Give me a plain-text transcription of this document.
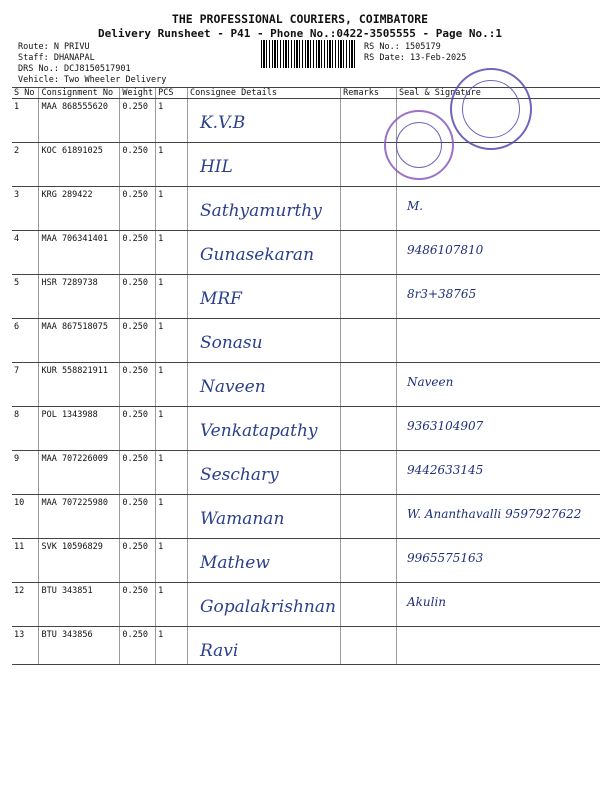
THE PROFESSIONAL COURIERS, COIMBATORE
Delivery Runsheet - P41 - Phone No.:0422-3505555 - Page No.:1
Route: N PRIVU
Staff: DHANAPAL
DRS No.: DCJ8150517901
Vehicle: Two Wheeler Delivery
RS No.: 1505179
RS Date: 13-Feb-2025
S No	Consignment No	Weight	PCS	Consignee Details	Remarks	Seal & Signature
1	MAA 868555620	0.250	1	K.V.B		

2	KOC 61891025	0.250	1	HIL		

3	KRG 289422	0.250	1	Sathyamurthy		M.

4	MAA 706341401	0.250	1	Gunasekaran		9486107810

5	HSR 7289738	0.250	1	MRF		8r3+38765

6	MAA 867518075	0.250	1	Sonasu		

7	KUR 558821911	0.250	1	Naveen		Naveen

8	POL 1343988	0.250	1	Venkatapathy		9363104907

9	MAA 707226009	0.250	1	Seschary		9442633145

10	MAA 707225980	0.250	1	Wamanan		W. Ananthavalli 9597927622

11	SVK 10596829	0.250	1	Mathew		9965575163

12	BTU 343851	0.250	1	Gopalakrishnan		Akulin

13	BTU 343856	0.250	1	Ravi		
